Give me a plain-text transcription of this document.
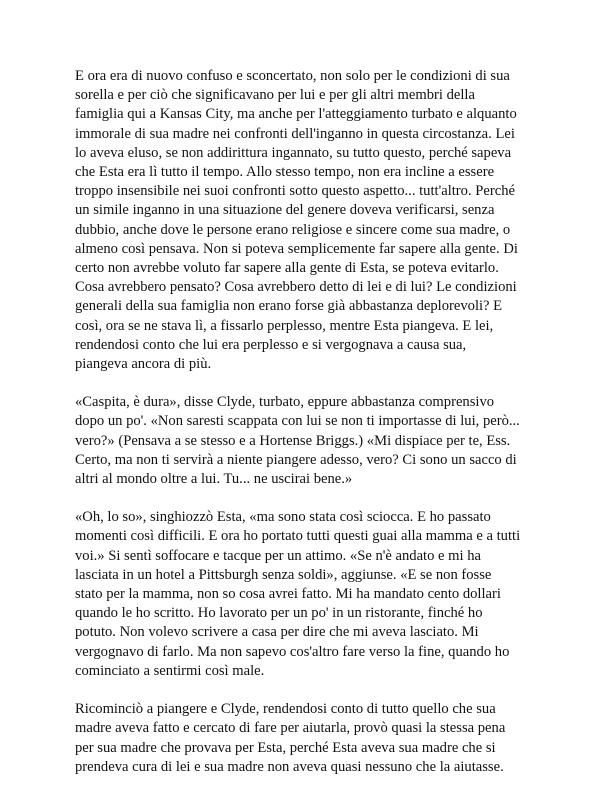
E ora era di nuovo confuso e sconcertato, non solo per le condizioni di sua
sorella e per ciò che significavano per lui e per gli altri membri della
famiglia qui a Kansas City, ma anche per l'atteggiamento turbato e alquanto
immorale di sua madre nei confronti dell'inganno in questa circostanza. Lei
lo aveva eluso, se non addirittura ingannato, su tutto questo, perché sapeva
che Esta era lì tutto il tempo. Allo stesso tempo, non era incline a essere
troppo insensibile nei suoi confronti sotto questo aspetto... tutt'altro. Perché
un simile inganno in una situazione del genere doveva verificarsi, senza
dubbio, anche dove le persone erano religiose e sincere come sua madre, o
almeno così pensava. Non si poteva semplicemente far sapere alla gente. Di
certo non avrebbe voluto far sapere alla gente di Esta, se poteva evitarlo.
Cosa avrebbero pensato? Cosa avrebbero detto di lei e di lui? Le condizioni
generali della sua famiglia non erano forse già abbastanza deplorevoli? E
così, ora se ne stava lì, a fissarlo perplesso, mentre Esta piangeva. E lei,
rendendosi conto che lui era perplesso e si vergognava a causa sua,
piangeva ancora di più.

«Caspita, è dura», disse Clyde, turbato, eppure abbastanza comprensivo
dopo un po'. «Non saresti scappata con lui se non ti importasse di lui, però...
vero?» (Pensava a se stesso e a Hortense Briggs.) «Mi dispiace per te, Ess.
Certo, ma non ti servirà a niente piangere adesso, vero? Ci sono un sacco di
altri al mondo oltre a lui. Tu... ne uscirai bene.»

«Oh, lo so», singhiozzò Esta, «ma sono stata così sciocca. E ho passato
momenti così difficili. E ora ho portato tutti questi guai alla mamma e a tutti
voi.» Si sentì soffocare e tacque per un attimo. «Se n'è andato e mi ha
lasciata in un hotel a Pittsburgh senza soldi», aggiunse. «E se non fosse
stato per la mamma, non so cosa avrei fatto. Mi ha mandato cento dollari
quando le ho scritto. Ho lavorato per un po' in un ristorante, finché ho
potuto. Non volevo scrivere a casa per dire che mi aveva lasciato. Mi
vergognavo di farlo. Ma non sapevo cos'altro fare verso la fine, quando ho
cominciato a sentirmi così male.

Ricominciò a piangere e Clyde, rendendosi conto di tutto quello che sua
madre aveva fatto e cercato di fare per aiutarla, provò quasi la stessa pena
per sua madre che provava per Esta, perché Esta aveva sua madre che si
prendeva cura di lei e sua madre non aveva quasi nessuno che la aiutasse.
